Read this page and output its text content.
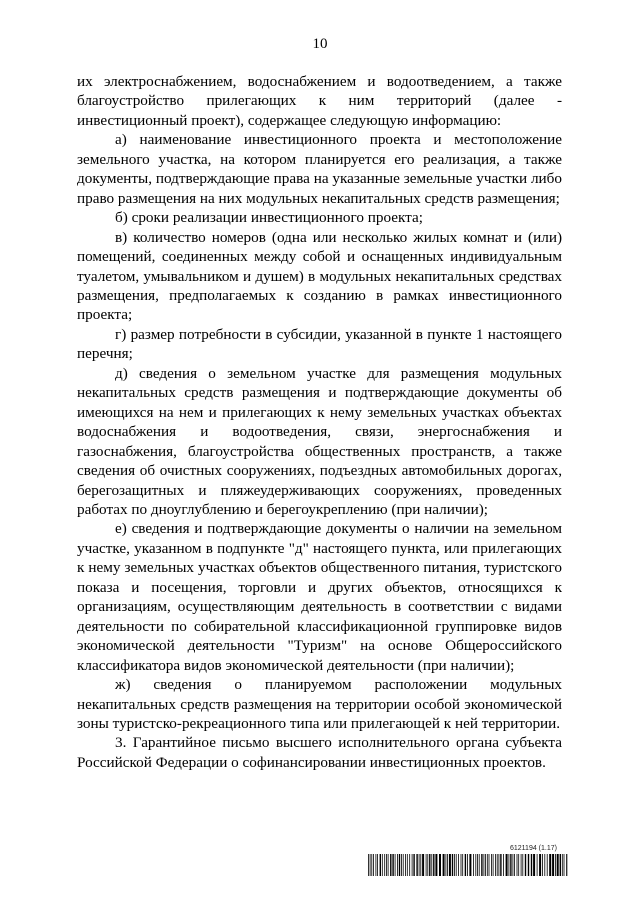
10

их электроснабжением, водоснабжением и водоотведением, а также благоустройство прилегающих к ним территорий (далее - инвестиционный проект), содержащее следующую информацию:

а) наименование инвестиционного проекта и местоположение земельного участка, на котором планируется его реализация, а также документы, подтверждающие права на указанные земельные участки либо право размещения на них модульных некапитальных средств размещения;

б) сроки реализации инвестиционного проекта;

в) количество номеров (одна или несколько жилых комнат и (или) помещений, соединенных между собой и оснащенных индивидуальным туалетом, умывальником и душем) в модульных некапитальных средствах размещения, предполагаемых к созданию в рамках инвестиционного проекта;

г) размер потребности в субсидии, указанной в пункте 1 настоящего перечня;

д) сведения о земельном участке для размещения модульных некапитальных средств размещения и подтверждающие документы об имеющихся на нем и прилегающих к нему земельных участках объектах водоснабжения и водоотведения, связи, энергоснабжения и газоснабжения, благоустройства общественных пространств, а также сведения об очистных сооружениях, подъездных автомобильных дорогах, берегозащитных и пляжеудерживающих сооружениях, проведенных работах по дноуглублению и берегоукреплению (при наличии);

е) сведения и подтверждающие документы о наличии на земельном участке, указанном в подпункте "д" настоящего пункта, или прилегающих к нему земельных участках объектов общественного питания, туристского показа и посещения, торговли и других объектов, относящихся к организациям, осуществляющим деятельность в соответствии с видами деятельности по собирательной классификационной группировке видов экономической деятельности "Туризм" на основе Общероссийского классификатора видов экономической деятельности (при наличии);

ж) сведения о планируемом расположении модульных некапитальных средств размещения на территории особой экономической зоны туристско-рекреационного типа или прилегающей к ней территории.

3. Гарантийное письмо высшего исполнительного органа субъекта Российской Федерации о софинансировании инвестиционных проектов.

6121194 (1.17)
